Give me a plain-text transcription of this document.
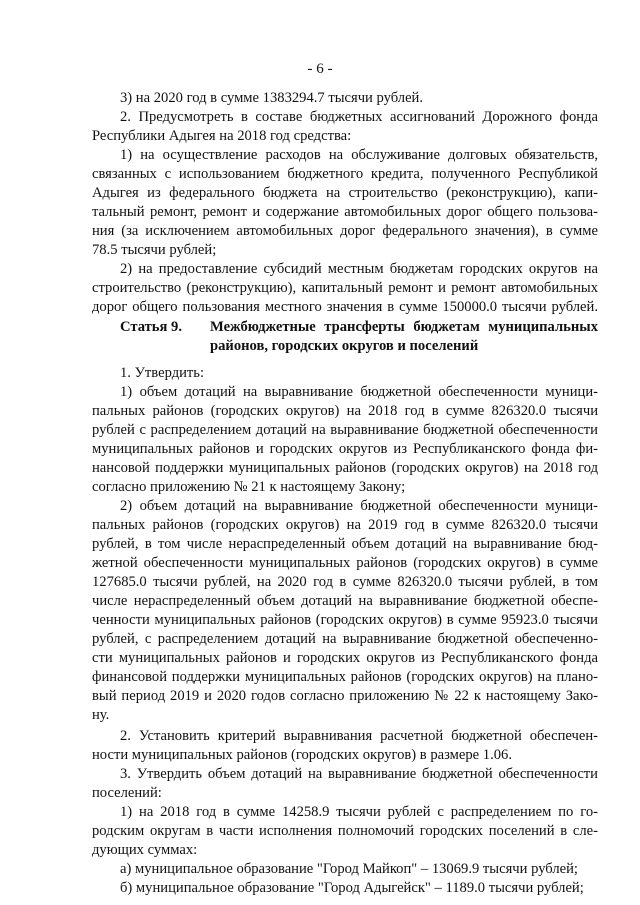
- 6 -
3) на 2020 год в сумме 1383294.7 тысячи рублей.
2. Предусмотреть в составе бюджетных ассигнований Дорожного фонда
Республики Адыгея на 2018 год средства:
1) на осуществление расходов на обслуживание долговых обязательств,
связанных с использованием бюджетного кредита, полученного Республикой
Адыгея из федерального бюджета на строительство (реконструкцию), капи-
тальный ремонт, ремонт и содержание автомобильных дорог общего пользова-
ния (за исключением автомобильных дорог федерального значения), в сумме
78.5 тысячи рублей;
2) на предоставление субсидий местным бюджетам городских округов на
строительство (реконструкцию), капитальный ремонт и ремонт автомобильных
дорог общего пользования местного значения в сумме 150000.0 тысячи рублей.
1. Утвердить:
1) объем дотаций на выравнивание бюджетной обеспеченности муници-
пальных районов (городских округов) на 2018 год в сумме 826320.0 тысячи
рублей с распределением дотаций на выравнивание бюджетной обеспеченности
муниципальных районов и городских округов из Республиканского фонда фи-
нансовой поддержки муниципальных районов (городских округов) на 2018 год
согласно приложению № 21 к настоящему Закону;
2) объем дотаций на выравнивание бюджетной обеспеченности муници-
пальных районов (городских округов) на 2019 год в сумме 826320.0 тысячи
рублей, в том числе нераспределенный объем дотаций на выравнивание бюд-
жетной обеспеченности муниципальных районов (городских округов) в сумме
127685.0 тысячи рублей, на 2020 год в сумме 826320.0 тысячи рублей, в том
числе нераспределенный объем дотаций на выравнивание бюджетной обеспе-
ченности муниципальных районов (городских округов) в сумме 95923.0 тысячи
рублей, с распределением дотаций на выравнивание бюджетной обеспеченно-
сти муниципальных районов и городских округов из Республиканского фонда
финансовой поддержки муниципальных районов (городских округов) на плано-
вый период 2019 и 2020 годов согласно приложению № 22 к настоящему Зако-
ну.
2. Установить критерий выравнивания расчетной бюджетной обеспечен-
ности муниципальных районов (городских округов) в размере 1.06.
3. Утвердить объем дотаций на выравнивание бюджетной обеспеченности
поселений:
1) на 2018 год в сумме 14258.9 тысячи рублей с распределением по го-
родским округам в части исполнения полномочий городских поселений в сле-
дующих суммах:
а) муниципальное образование "Город Майкоп" – 13069.9 тысячи рублей;
б) муниципальное образование "Город Адыгейск" – 1189.0 тысячи рублей;
Статья 9. Межбюджетные трансферты бюджетам муниципальных
районов, городских округов и поселений
